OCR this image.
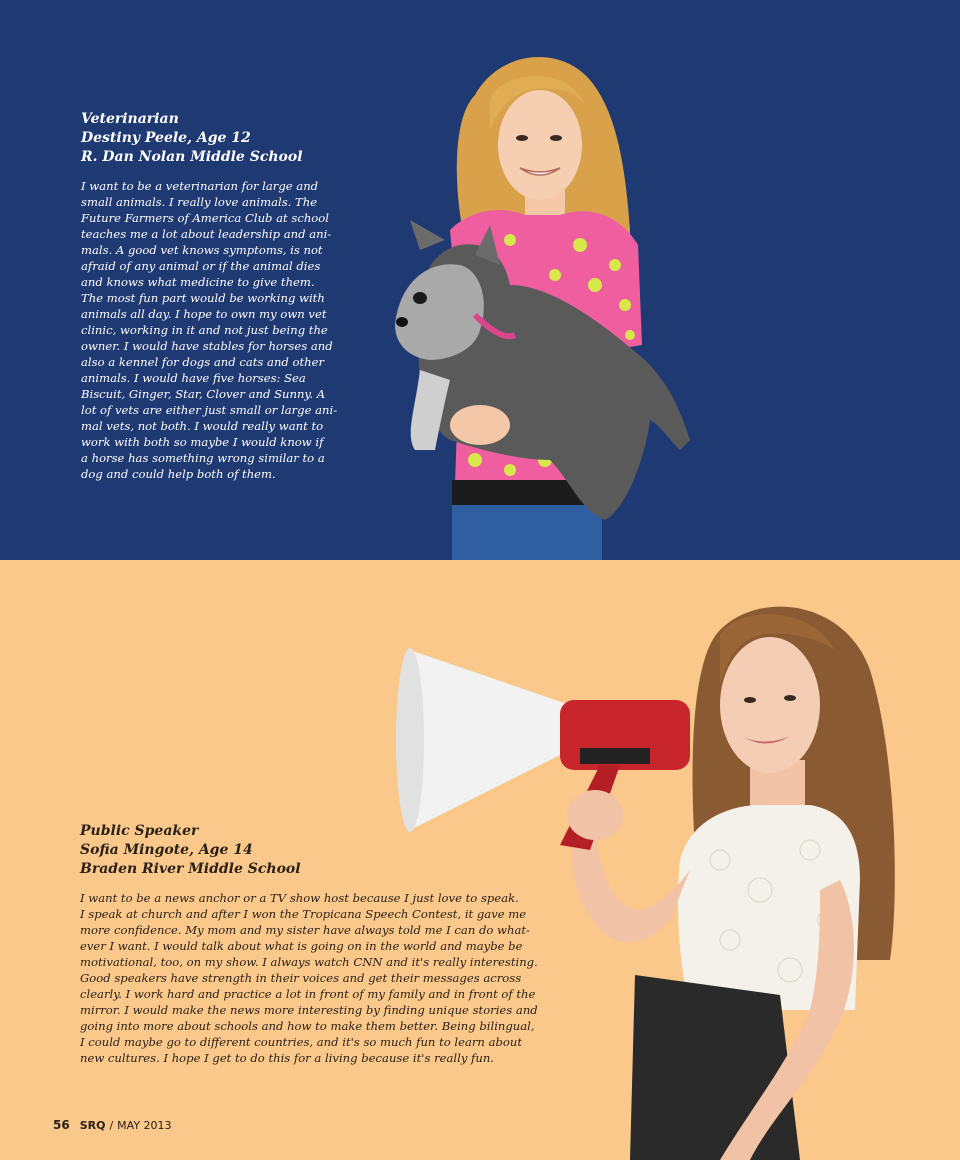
Veterinarian
Destiny Peele, Age 12
R. Dan Nolan Middle School
I want to be a veterinarian for large and
small animals. I really love animals. The
Future Farmers of America Club at school
teaches me a lot about leadership and ani-
mals. A good vet knows symptoms, is not
afraid of any animal or if the animal dies
and knows what medicine to give them.
The most fun part would be working with
animals all day. I hope to own my own vet
clinic, working in it and not just being the
owner. I would have stables for horses and
also a kennel for dogs and cats and other
animals. I would have five horses: Sea
Biscuit, Ginger, Star, Clover and Sunny. A
lot of vets are either just small or large ani-
mal vets, not both. I would really want to
work with both so maybe I would know if
a horse has something wrong similar to a
dog and could help both of them.
Public Speaker
Sofia Mingote, Age 14
Braden River Middle School
I want to be a news anchor or a TV show host because I just love to speak.
I speak at church and after I won the Tropicana Speech Contest, it gave me
more confidence. My mom and my sister have always told me I can do what-
ever I want. I would talk about what is going on in the world and maybe be
motivational, too, on my show. I always watch CNN and it's really interesting.
Good speakers have strength in their voices and get their messages across
clearly. I work hard and practice a lot in front of my family and in front of the
mirror. I would make the news more interesting by finding unique stories and
going into more about schools and how to make them better. Being bilingual,
I could maybe go to different countries, and it's so much fun to learn about
new cultures. I hope I get to do this for a living because it's really fun.
56 SRQ / MAY 2013
